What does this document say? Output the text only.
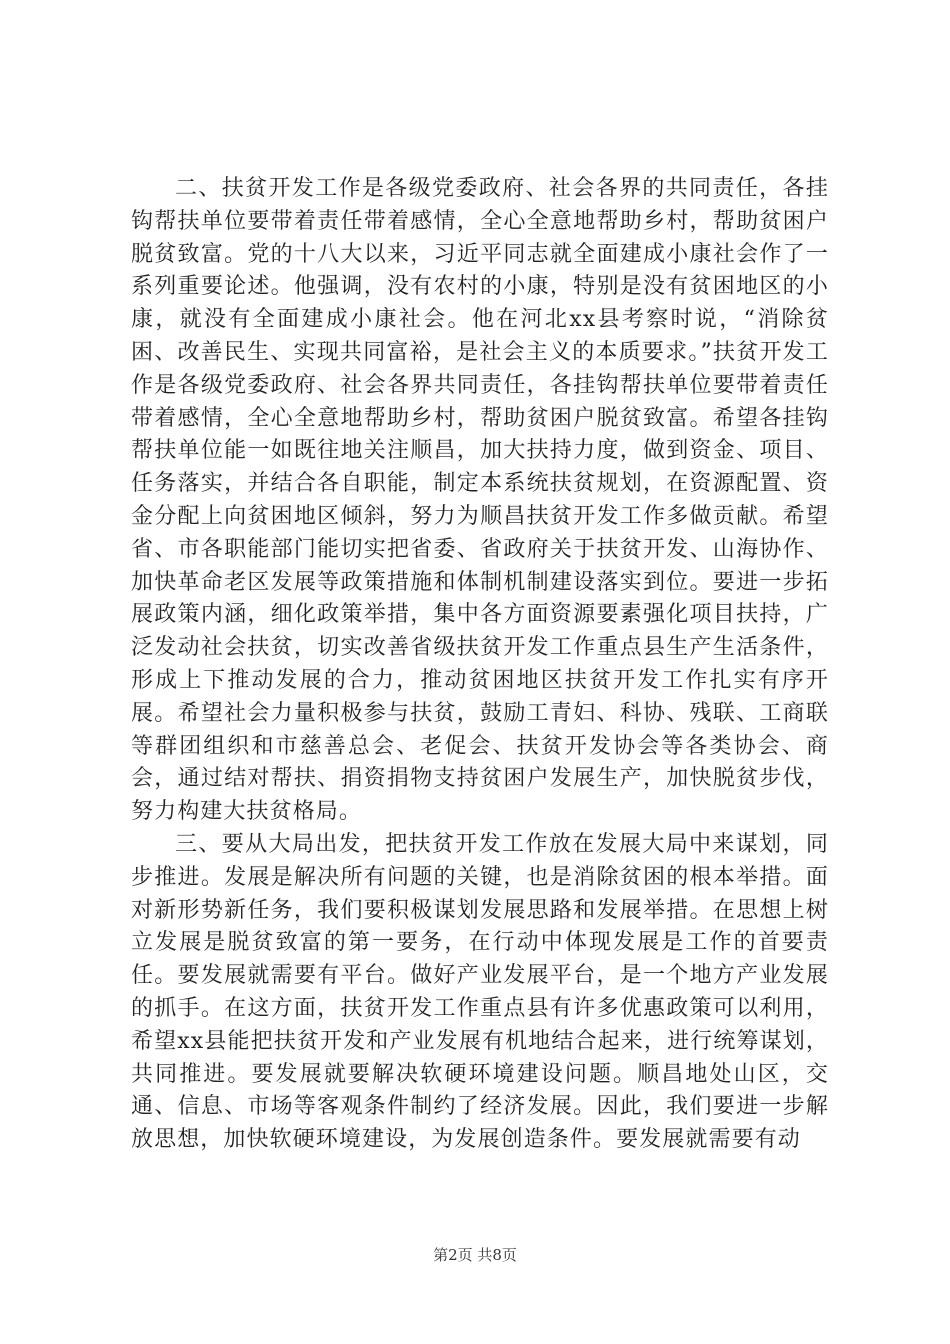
二、扶贫开发工作是各级党委政府、社会各界的共同责任，各挂钩帮扶单位要带着责任带着感情，全心全意地帮助乡村，帮助贫困户脱贫致富。党的十八大以来，习近平同志就全面建成小康社会作了一系列重要论述。他强调，没有农村的小康，特别是没有贫困地区的小康，就没有全面建成小康社会。他在河北xx县考察时说，“消除贫困、改善民生、实现共同富裕，是社会主义的本质要求。”扶贫开发工作是各级党委政府、社会各界共同责任，各挂钩帮扶单位要带着责任带着感情，全心全意地帮助乡村，帮助贫困户脱贫致富。希望各挂钩帮扶单位能一如既往地关注顺昌，加大扶持力度，做到资金、项目、任务落实，并结合各自职能，制定本系统扶贫规划，在资源配置、资金分配上向贫困地区倾斜，努力为顺昌扶贫开发工作多做贡献。希望省、市各职能部门能切实把省委、省政府关于扶贫开发、山海协作、加快革命老区发展等政策措施和体制机制建设落实到位。要进一步拓展政策内涵，细化政策举措，集中各方面资源要素强化项目扶持，广泛发动社会扶贫，切实改善省级扶贫开发工作重点县生产生活条件，形成上下推动发展的合力，推动贫困地区扶贫开发工作扎实有序开展。希望社会力量积极参与扶贫，鼓励工青妇、科协、残联、工商联等群团组织和市慈善总会、老促会、扶贫开发协会等各类协会、商会，通过结对帮扶、捐资捐物支持贫困户发展生产，加快脱贫步伐，努力构建大扶贫格局。

三、要从大局出发，把扶贫开发工作放在发展大局中来谋划，同步推进。发展是解决所有问题的关键，也是消除贫困的根本举措。面对新形势新任务，我们要积极谋划发展思路和发展举措。在思想上树立发展是脱贫致富的第一要务，在行动中体现发展是工作的首要责任。要发展就需要有平台。做好产业发展平台，是一个地方产业发展的抓手。在这方面，扶贫开发工作重点县有许多优惠政策可以利用，希望xx县能把扶贫开发和产业发展有机地结合起来，进行统筹谋划，共同推进。要发展就要解决软硬环境建设问题。顺昌地处山区，交通、信息、市场等客观条件制约了经济发展。因此，我们要进一步解放思想，加快软硬环境建设，为发展创造条件。要发展就需要有动

第2页 共8页
